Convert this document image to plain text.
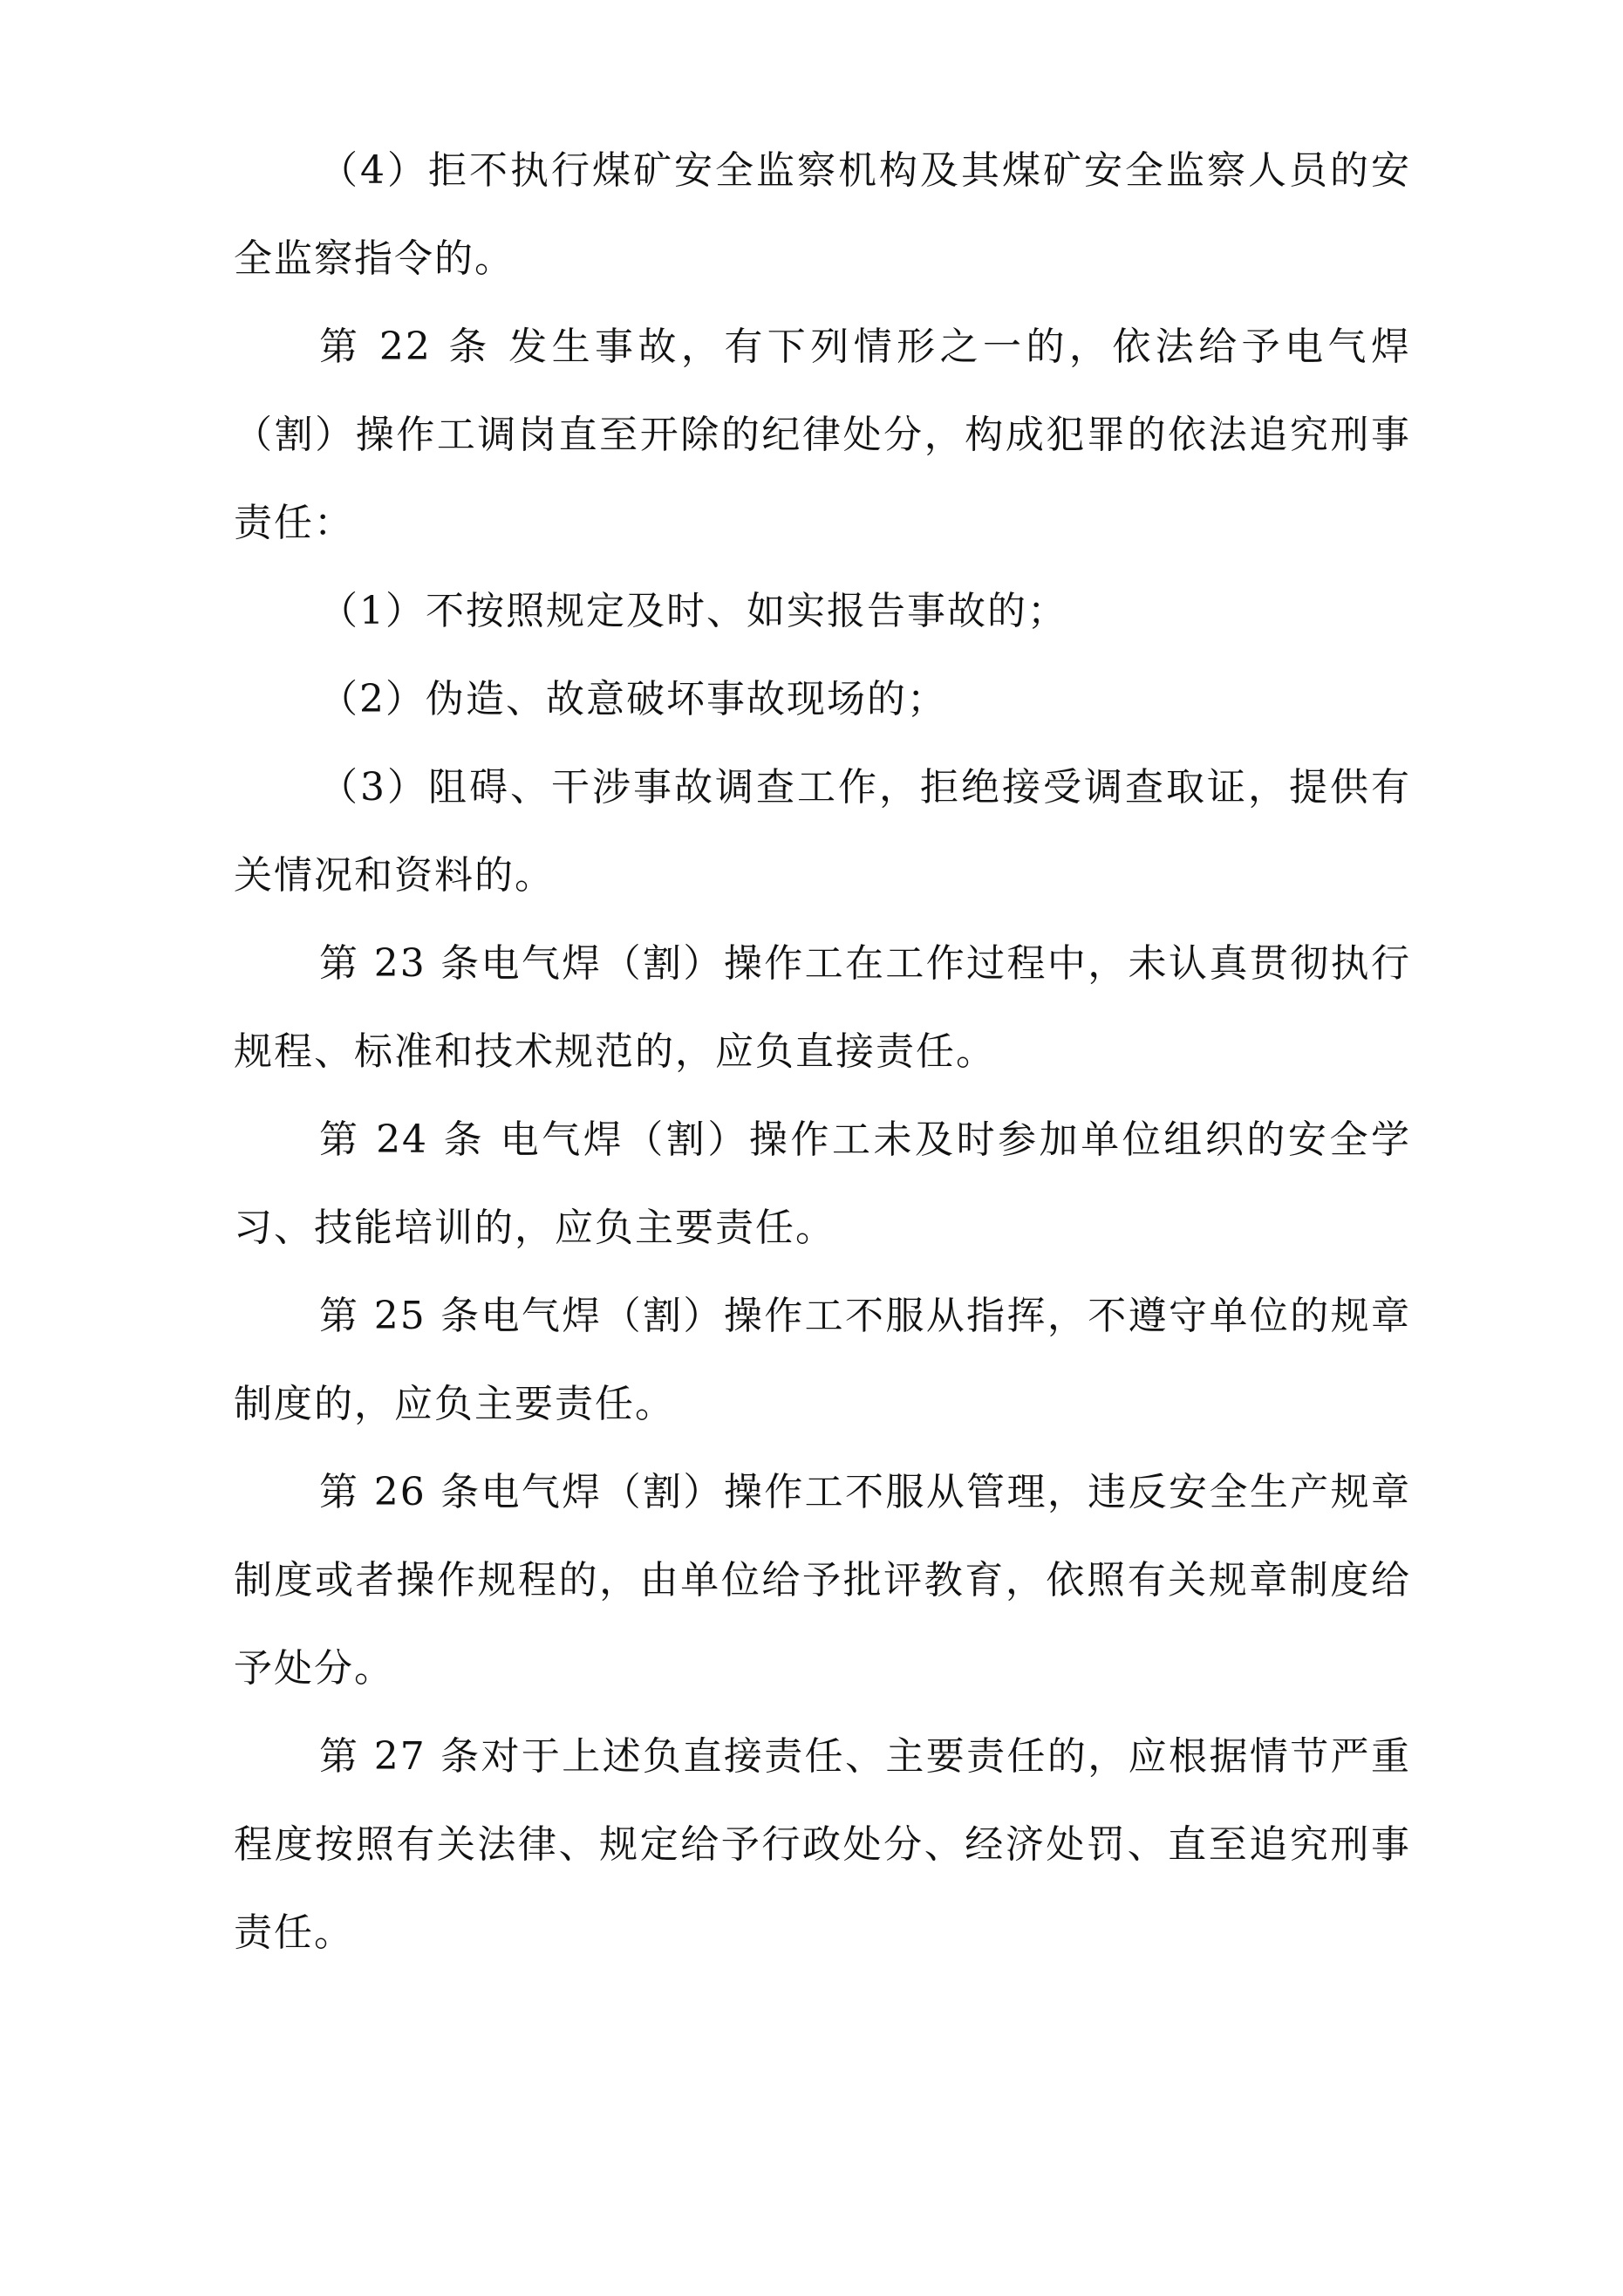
（4）拒不执行煤矿安全监察机构及其煤矿安全监察人员的安全监察指令的。

第 22 条 发生事故，有下列情形之一的，依法给予电气焊（割）操作工调岗直至开除的纪律处分，构成犯罪的依法追究刑事责任：

（1）不按照规定及时、如实报告事故的；

（2）伪造、故意破坏事故现场的；

（3）阻碍、干涉事故调查工作，拒绝接受调查取证，提供有关情况和资料的。

第 23 条电气焊（割）操作工在工作过程中，未认真贯彻执行规程、标准和技术规范的，应负直接责任。

第 24 条 电气焊（割）操作工未及时参加单位组织的安全学习、技能培训的，应负主要责任。

第 25 条电气焊（割）操作工不服从指挥，不遵守单位的规章制度的，应负主要责任。

第 26 条电气焊（割）操作工不服从管理，违反安全生产规章制度或者操作规程的，由单位给予批评教育，依照有关规章制度给予处分。

第 27 条对于上述负直接责任、主要责任的，应根据情节严重程度按照有关法律、规定给予行政处分、经济处罚、直至追究刑事责任。
